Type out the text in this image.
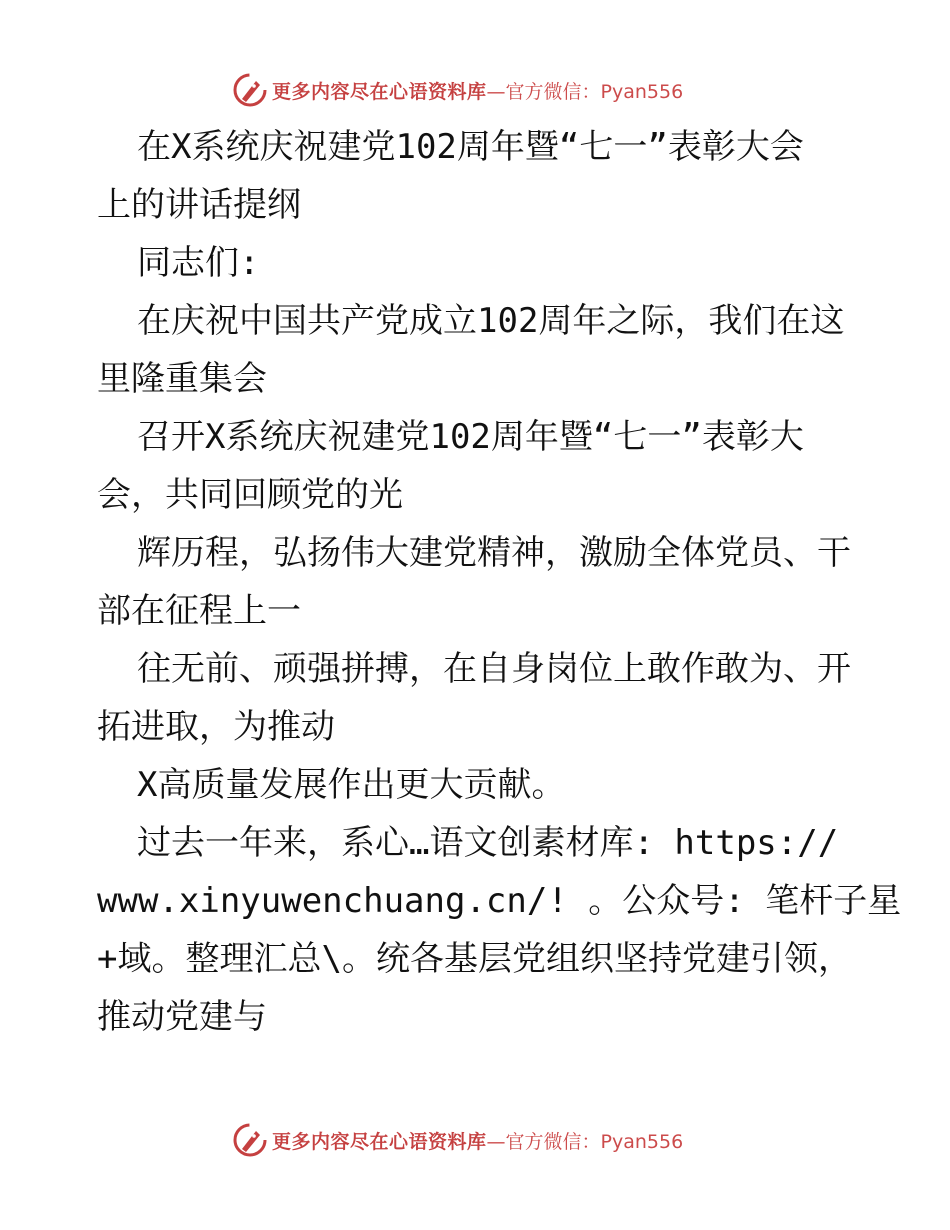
更多内容尽在心语资料库 —官方微信：Pyan556
在X系统庆祝建党102周年暨“七一”表彰大会
上的讲话提纲
同志们:
在庆祝中国共产党成立102周年之际，我们在这
里隆重集会
召开X系统庆祝建党102周年暨“七一”表彰大
会，共同回顾党的光
辉历程，弘扬伟大建党精神，激励全体党员、干
部在征程上一
往无前、顽强拼搏，在自身岗位上敢作敢为、开
拓进取，为推动
X高质量发展作出更大贡献。
过去一年来，系心…语文创素材库: https://
www.xinyuwenchuang.cn/! 。公众号: 笔杆子星
+域。整理汇总\。统各基层党组织坚持党建引领，
推动党建与
更多内容尽在心语资料库 —官方微信：Pyan556
